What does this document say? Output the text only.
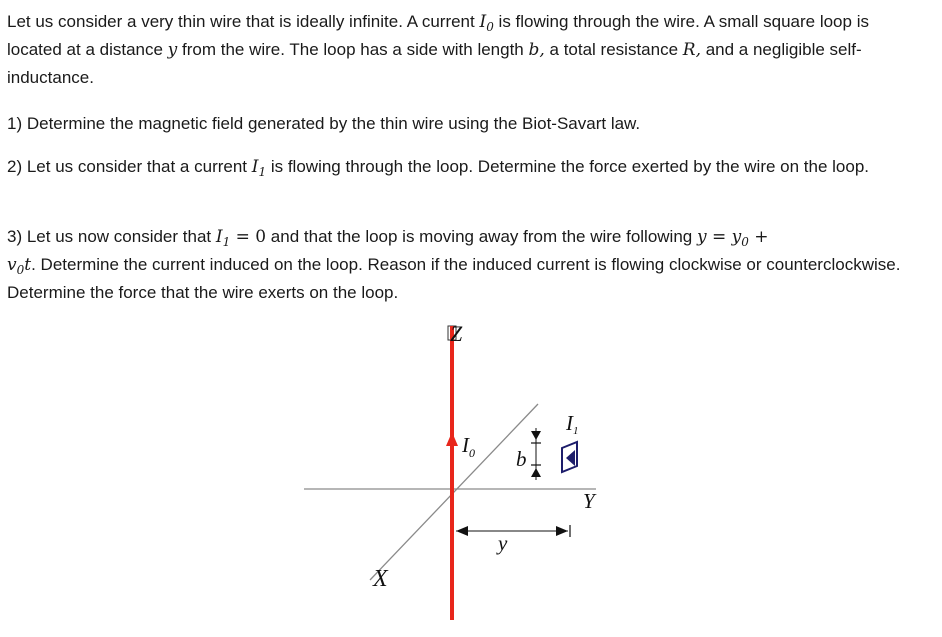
Let us consider a very thin wire that is ideally infinite. A current $I_0$ is flowing through the wire. A small square loop is located at a distance y from the wire. The loop has a side with length b, a total resistance R, and a negligible self-inductance.
1) Determine the magnetic field generated by the thin wire using the Biot-Savart law.
2) Let us consider that a current $I_1$ is flowing through the loop. Determine the force exerted by the wire on the loop.
3) Let us now consider that $I_1 = 0$ and that the loop is moving away from the wire following $y = y_0$ +
$v_0t$. Determine the current induced on the loop. Reason if the induced current is flowing clockwise or counterclockwise. Determine the force that the wire exerts on the loop.
Z
X
Y
y
b
$I_0$
I1
